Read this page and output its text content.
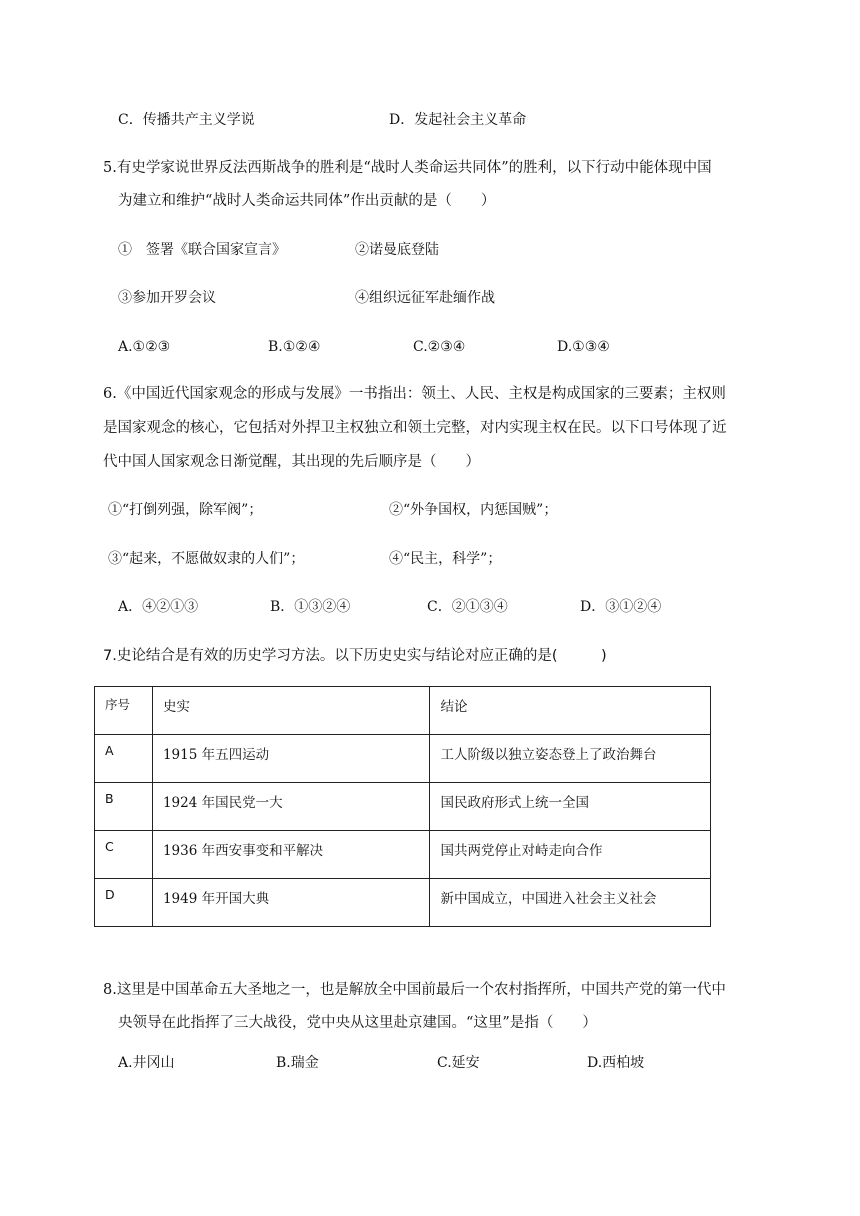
C．传播共产主义学说	D．发起社会主义革命
5.有史学家说世界反法西斯战争的胜利是“战时人类命运共同体”的胜利，以下行动中能体现中国
为建立和维护“战时人类命运共同体”作出贡献的是（　　）
①　签署《联合国家宣言》	②诺曼底登陆
③参加开罗会议	④组织远征军赴缅作战
A.①②③	B.①②④	C.②③④	D.①③④
6.《中国近代国家观念的形成与发展》一书指出：领土、人民、主权是构成国家的三要素；主权则
是国家观念的核心，它包括对外捍卫主权独立和领土完整，对内实现主权在民。以下口号体现了近
代中国人国家观念日渐觉醒，其出现的先后顺序是（　　）
①“打倒列强，除军阀”；	②“外争国权，内惩国贼”；
③“起来，不愿做奴隶的人们”；	④“民主，科学”；
A．④②①③	B．①③②④	C．②①③④	D．③①②④
7.史论结合是有效的历史学习方法。以下历史史实与结论对应正确的是(　　　)
序号	史实	结论
A	1915 年五四运动	工人阶级以独立姿态登上了政治舞台
B	1924 年国民党一大	国民政府形式上统一全国
C	1936 年西安事变和平解决	国共两党停止对峙走向合作
D	1949 年开国大典	新中国成立，中国进入社会主义社会
8.这里是中国革命五大圣地之一，也是解放全中国前最后一个农村指挥所，中国共产党的第一代中
央领导在此指挥了三大战役，党中央从这里赴京建国。“这里”是指（　　）
A.井冈山	B.瑞金	C.延安	D.西柏坡
